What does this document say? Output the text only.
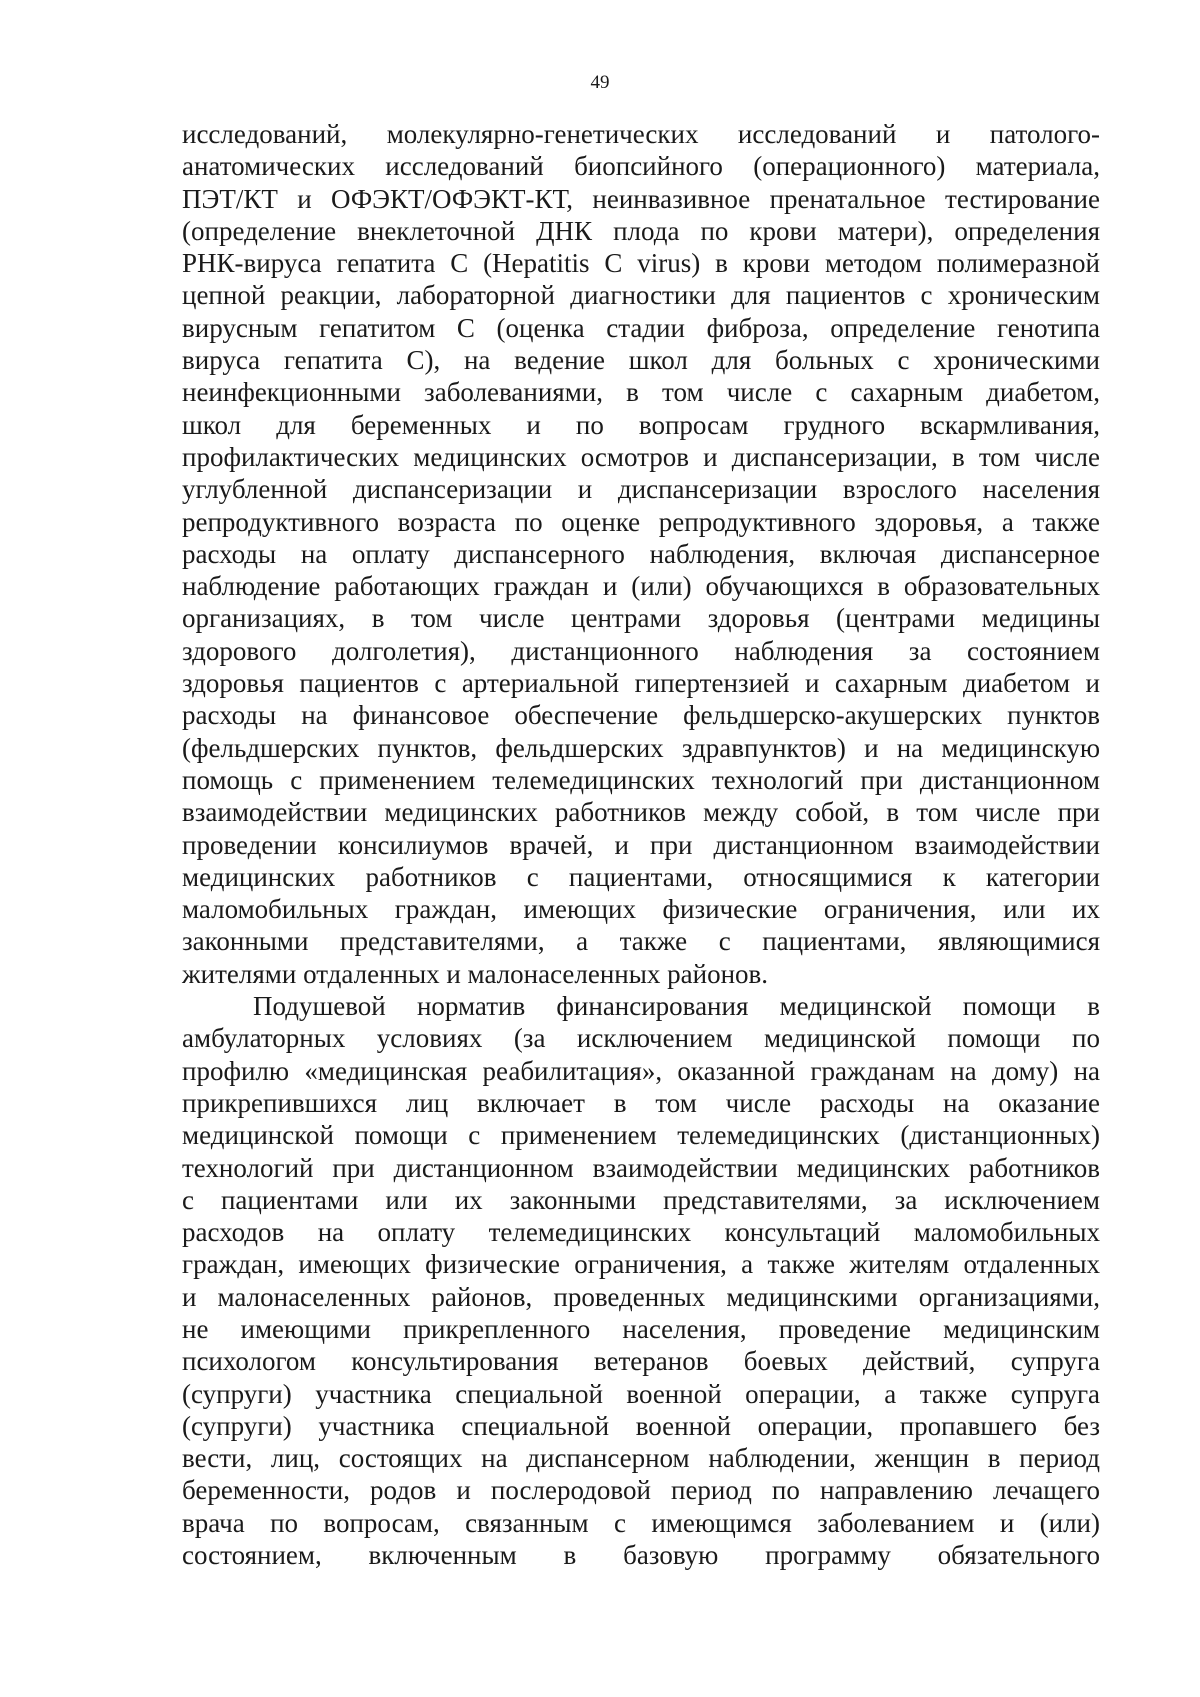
49
исследований, молекулярно-генетических исследований и патолого-
анатомических исследований биопсийного (операционного) материала,
ПЭТ/КТ и ОФЭКТ/ОФЭКТ-КТ, неинвазивное пренатальное тестирование
(определение внеклеточной ДНК плода по крови матери), определения
РНК-вируса гепатита С (Hepatitis C virus) в крови методом полимеразной
цепной реакции, лабораторной диагностики для пациентов с хроническим
вирусным гепатитом С (оценка стадии фиброза, определение генотипа
вируса гепатита С), на ведение школ для больных с хроническими
неинфекционными заболеваниями, в том числе с сахарным диабетом,
школ для беременных и по вопросам грудного вскармливания,
профилактических медицинских осмотров и диспансеризации, в том числе
углубленной диспансеризации и диспансеризации взрослого населения
репродуктивного возраста по оценке репродуктивного здоровья, а также
расходы на оплату диспансерного наблюдения, включая диспансерное
наблюдение работающих граждан и (или) обучающихся в образовательных
организациях, в том числе центрами здоровья (центрами медицины
здорового долголетия), дистанционного наблюдения за состоянием
здоровья пациентов с артериальной гипертензией и сахарным диабетом и
расходы на финансовое обеспечение фельдшерско-акушерских пунктов
(фельдшерских пунктов, фельдшерских здравпунктов) и на медицинскую
помощь с применением телемедицинских технологий при дистанционном
взаимодействии медицинских работников между собой, в том числе при
проведении консилиумов врачей, и при дистанционном взаимодействии
медицинских работников с пациентами, относящимися к категории
маломобильных граждан, имеющих физические ограничения, или их
законными представителями, а также с пациентами, являющимися
жителями отдаленных и малонаселенных районов.
Подушевой норматив финансирования медицинской помощи в
амбулаторных условиях (за исключением медицинской помощи по
профилю «медицинская реабилитация», оказанной гражданам на дому) на
прикрепившихся лиц включает в том числе расходы на оказание
медицинской помощи с применением телемедицинских (дистанционных)
технологий при дистанционном взаимодействии медицинских работников
с пациентами или их законными представителями, за исключением
расходов на оплату телемедицинских консультаций маломобильных
граждан, имеющих физические ограничения, а также жителям отдаленных
и малонаселенных районов, проведенных медицинскими организациями,
не имеющими прикрепленного населения, проведение медицинским
психологом консультирования ветеранов боевых действий, супруга
(супруги) участника специальной военной операции, а также супруга
(супруги) участника специальной военной операции, пропавшего без
вести, лиц, состоящих на диспансерном наблюдении, женщин в период
беременности, родов и послеродовой период по направлению лечащего
врача по вопросам, связанным с имеющимся заболеванием и (или)
состоянием, включенным в базовую программу обязательного
